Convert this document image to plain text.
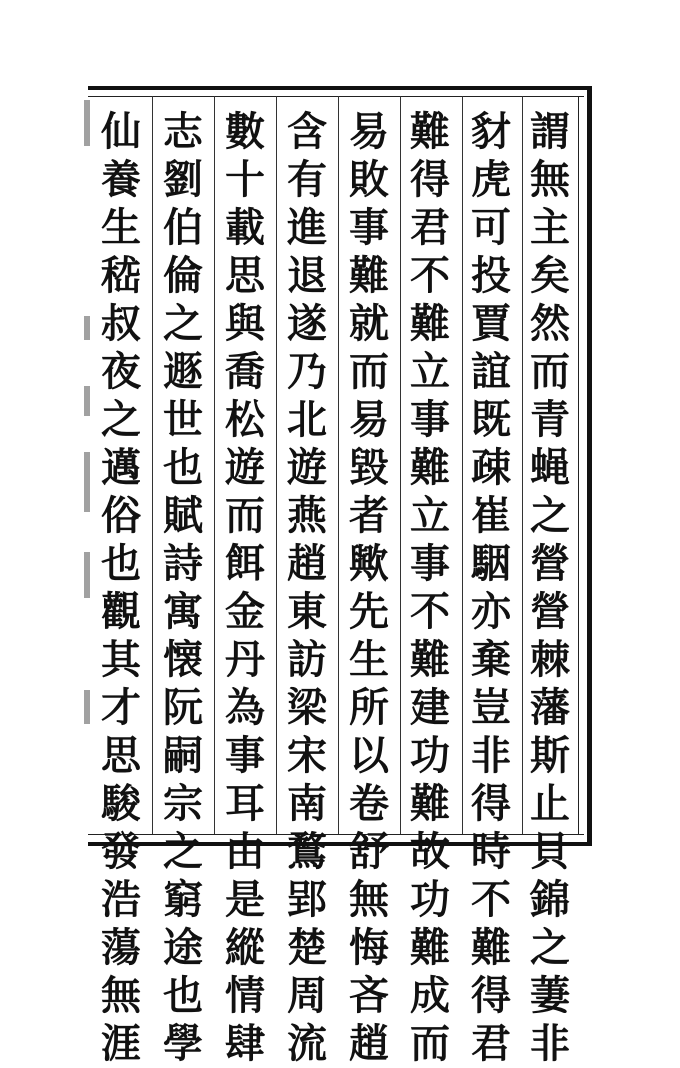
謂
無
主
矣
然
而
青
蝇
之
營
營
棘
藩
斯
止
貝
錦
之
萋
非
豺
虎
可
投
賈
誼
既
疎
崔
駰
亦
棄
豈
非
得
時
不
難
得
君
難
得
君
不
難
立
事
難
立
事
不
難
建
功
難
故
功
難
成
而
易
敗
事
難
就
而
易
毀
者
歟
先
生
所
以
卷
舒
無
悔
吝
趙
含
有
進
退
遂
乃
北
遊
燕
趙
東
訪
梁
宋
南
鶩
郢
楚
周
流
數
十
載
思
與
喬
松
遊
而
餌
金
丹
為
事
耳
由
是
縱
情
肆
志
劉
伯
倫
之
遯
世
也
賦
詩
寓
懐
阮
嗣
宗
之
窮
途
也
學
仙
養
生
嵇
叔
夜
之
邁
俗
也
觀
其
才
思
駿
發
浩
蕩
無
涯
